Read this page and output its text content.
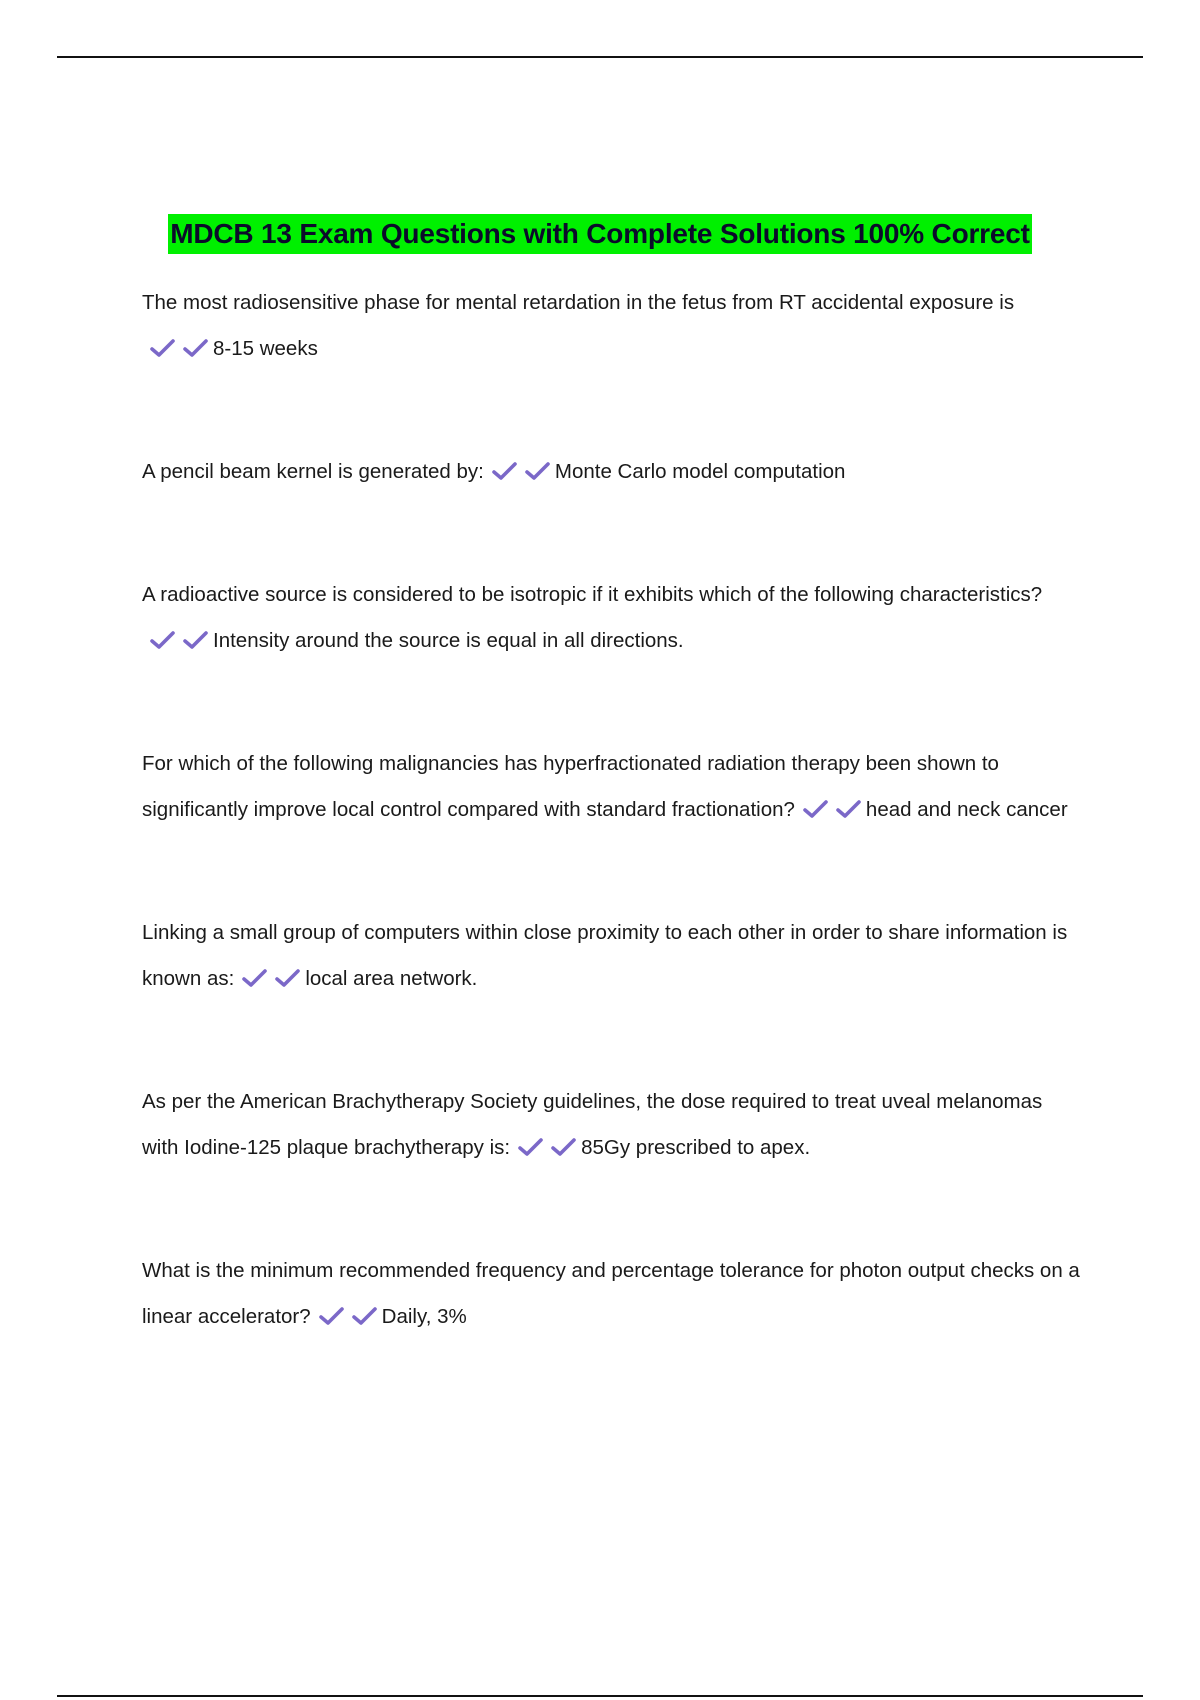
MDCB 13 Exam Questions with Complete Solutions 100% Correct

The most radiosensitive phase for mental retardation in the fetus from RT accidental exposure is
8-15 weeks

A pencil beam kernel is generated by:	Monte Carlo model computation

A radioactive source is considered to be isotropic if it exhibits which of the following characteristics?
Intensity around the source is equal in all directions.

For which of the following malignancies has hyperfractionated radiation therapy been shown to significantly improve local control compared with standard fractionation?	head and neck cancer

Linking a small group of computers within close proximity to each other in order to share information is known as:	local area network.

As per the American Brachytherapy Society guidelines, the dose required to treat uveal melanomas with Iodine-125 plaque brachytherapy is:	85Gy prescribed to apex.

What is the minimum recommended frequency and percentage tolerance for photon output checks on a linear accelerator?	Daily, 3%
